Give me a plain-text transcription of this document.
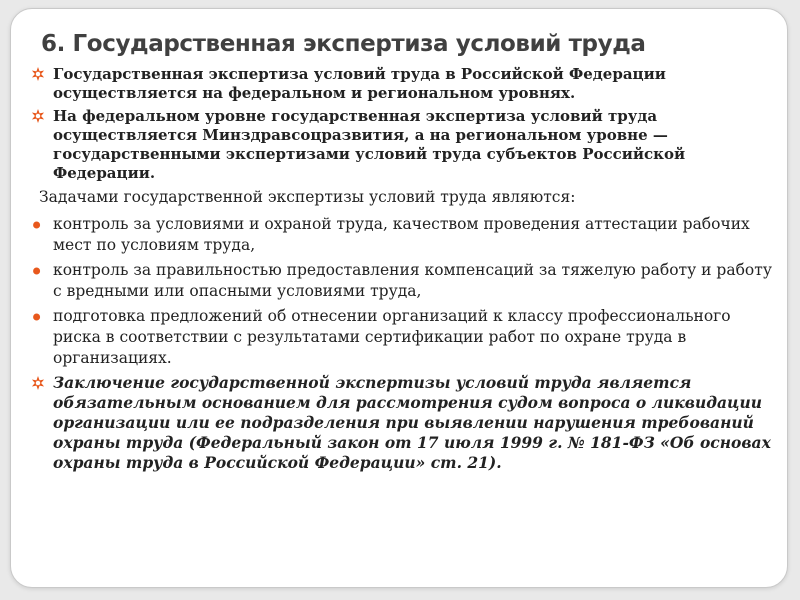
6. Государственная экспертиза условий труда
Государственная экспертиза условий труда в Российской Федерации осуществляется на федеральном и региональном уровнях.
На федеральном уровне государственная экспертиза условий труда осуществляется Минздравсоцразвития, а на региональном уровне — государственными экспертизами условий труда субъектов Российской Федерации.
Задачами государственной экспертизы условий труда являются:
контроль за условиями и охраной труда, качеством проведения аттестации рабочих мест по условиям труда,
контроль за правильностью предоставления компенсаций за тяжелую работу и работу с вредными или опасными условиями труда,
подготовка предложений об отнесении организаций к классу профессионального риска в соответствии с результатами сертификации работ по охране труда в организациях.
Заключение государственной экспертизы условий труда является обязательным основанием для рассмотрения судом вопроса о ликвидации организации или ее подразделения при выявлении нарушения требований охраны труда (Федеральный закон от 17 июля 1999 г. № 181-ФЗ «Об основах охраны труда в Российской Федерации» ст. 21).
